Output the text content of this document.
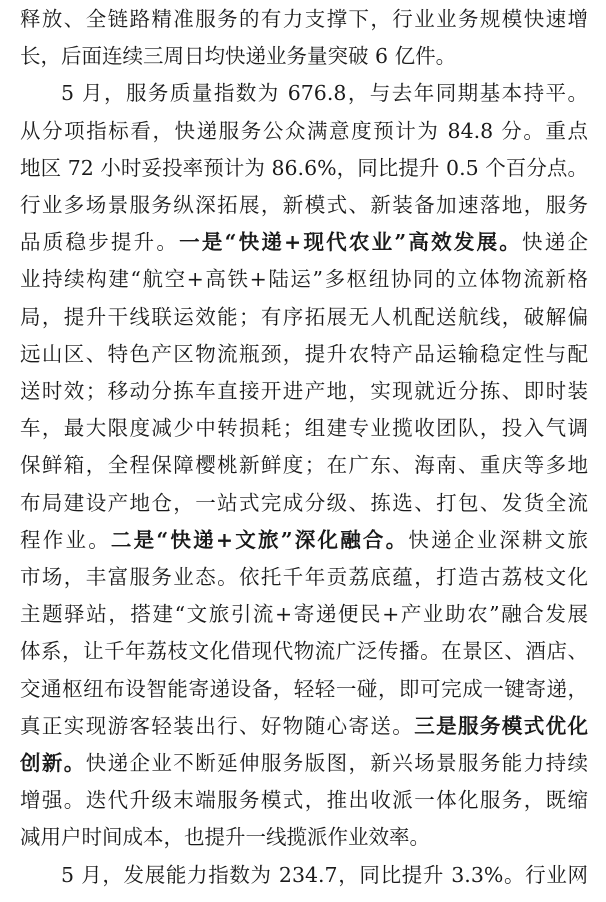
释放、全链路精准服务的有力支撑下，行业业务规模快速增
长，后面连续三周日均快递业务量突破 6 亿件。
5 月，服务质量指数为 676.8，与去年同期基本持平。
从分项指标看，快递服务公众满意度预计为 84.8 分。重点
地区 72 小时妥投率预计为 86.6%，同比提升 0.5 个百分点。
行业多场景服务纵深拓展，新模式、新装备加速落地，服务
品质稳步提升。一是“快递+现代农业”高效发展。快递企
业持续构建“航空+高铁+陆运”多枢纽协同的立体物流新格
局，提升干线联运效能；有序拓展无人机配送航线，破解偏
远山区、特色产区物流瓶颈，提升农特产品运输稳定性与配
送时效；移动分拣车直接开进产地，实现就近分拣、即时装
车，最大限度减少中转损耗；组建专业揽收团队，投入气调
保鲜箱，全程保障樱桃新鲜度；在广东、海南、重庆等多地
布局建设产地仓，一站式完成分级、拣选、打包、发货全流
程作业。二是“快递+文旅”深化融合。快递企业深耕文旅
市场，丰富服务业态。依托千年贡荔底蕴，打造古荔枝文化
主题驿站，搭建“文旅引流+寄递便民+产业助农”融合发展
体系，让千年荔枝文化借现代物流广泛传播。在景区、酒店、
交通枢纽布设智能寄递设备，轻轻一碰，即可完成一键寄递，
真正实现游客轻装出行、好物随心寄送。三是服务模式优化
创新。快递企业不断延伸服务版图，新兴场景服务能力持续
增强。迭代升级末端服务模式，推出收派一体化服务，既缩
减用户时间成本，也提升一线揽派作业效率。
5 月，发展能力指数为 234.7，同比提升 3.3%。行业网
